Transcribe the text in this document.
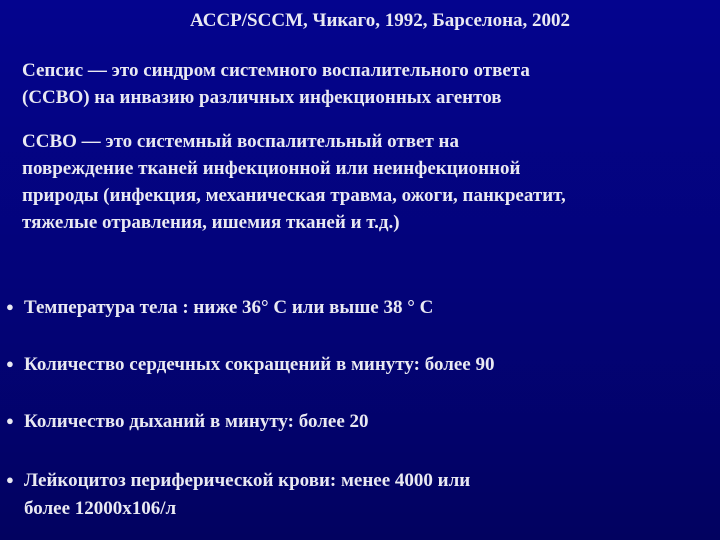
АССР/SCCM, Чикаго, 1992, Барселона, 2002
Сепсис — это синдром системного воспалительного ответа
(ССВО) на инвазию различных инфекционных агентов
ССВО — это системный воспалительный ответ на
повреждение тканей инфекционной или неинфекционной
природы (инфекция, механическая травма, ожоги, панкреатит,
тяжелые отравления, ишемия тканей и т.д.)
● Температура тела : ниже 36° С или выше 38 ° С
● Количество сердечных сокращений в минуту: более 90
● Количество дыханий в минуту: более 20
● Лейкоцитоз периферической крови: менее 4000 или
более 12000х106/л
